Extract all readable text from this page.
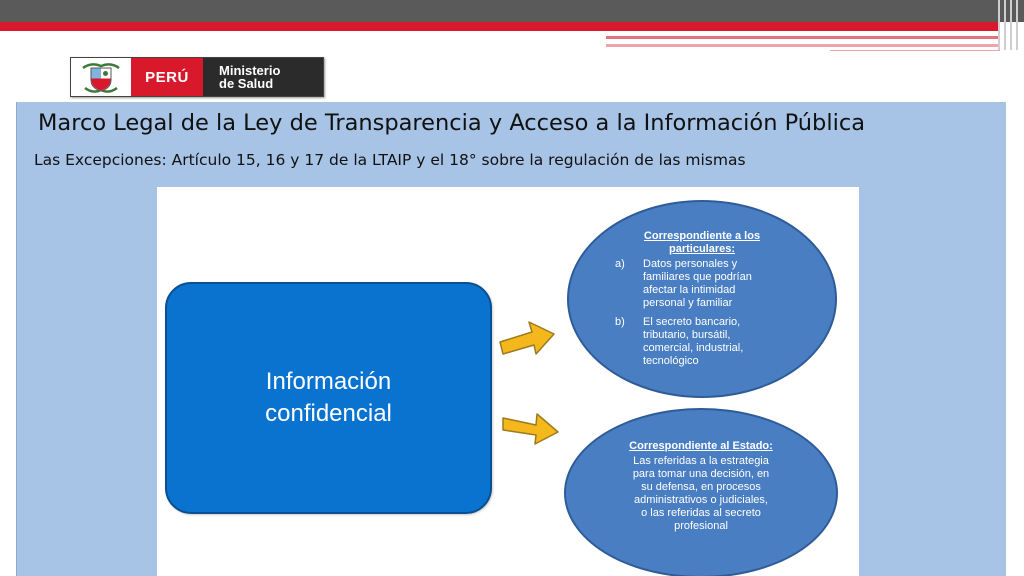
PERÚ	Ministerio
de Salud
Marco Legal de la Ley de Transparencia y Acceso a la Información Pública
Las Excepciones: Artículo 15, 16 y 17 de la LTAIP y el 18° sobre la regulación de las mismas
Información
confidencial
Correspondiente a los
particulares:
a) Datos personales y
familiares que podrían
afectar la intimidad
personal y familiar
b) El secreto bancario,
tributario, bursátil,
comercial, industrial,
tecnológico
Correspondiente al Estado:
Las referidas a la estrategia
para tomar una decisión, en
su defensa, en procesos
administrativos o judiciales,
o las referidas al secreto
profesional
